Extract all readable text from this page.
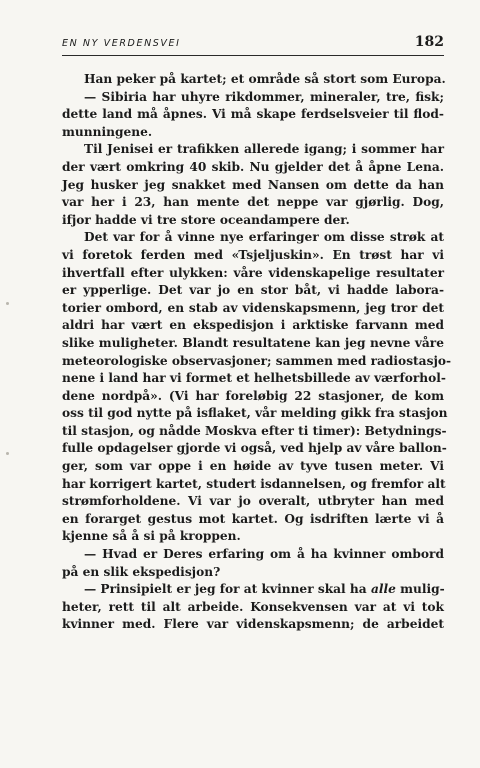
EN NY VERDENSVEI	182
Han peker på kartet; et område så stort som Europa.
— Sibiria har uhyre rikdommer, mineraler, tre, fisk;
dette land må åpnes. Vi må skape ferdselsveier til flod-
munningene.
Til Jenisei er trafikken allerede igang; i sommer har
der vært omkring 40 skib. Nu gjelder det å åpne Lena.
Jeg husker jeg snakket med Nansen om dette da han
var her i 23, han mente det neppe var gjørlig. Dog,
ifjor hadde vi tre store oceandampere der.
Det var for å vinne nye erfaringer om disse strøk at
vi foretok ferden med «Tsjeljuskin». En trøst har vi
ihvertfall efter ulykken: våre videnskapelige resultater
er ypperlige. Det var jo en stor båt, vi hadde labora-
torier ombord, en stab av videnskapsmenn, jeg tror det
aldri har vært en ekspedisjon i arktiske farvann med
slike muligheter. Blandt resultatene kan jeg nevne våre
meteorologiske observasjoner; sammen med radiostasjo-
nene i land har vi formet et helhetsbillede av værforhol-
dene nordpå». (Vi har foreløbig 22 stasjoner, de kom
oss til god nytte på isflaket, vår melding gikk fra stasjon
til stasjon, og nådde Moskva efter ti timer): Betydnings-
fulle opdagelser gjorde vi også, ved hjelp av våre ballon-
ger, som var oppe i en høide av tyve tusen meter. Vi
har korrigert kartet, studert isdannelsen, og fremfor alt
strømforholdene. Vi var jo overalt, utbryter han med
en forarget gestus mot kartet. Og isdriften lærte vi å
kjenne så å si på kroppen.
— Hvad er Deres erfaring om å ha kvinner ombord
på en slik ekspedisjon?
— Prinsipielt er jeg for at kvinner skal ha alle mulig-
heter, rett til alt arbeide. Konsekvensen var at vi tok
kvinner med. Flere var videnskapsmenn; de arbeidet
